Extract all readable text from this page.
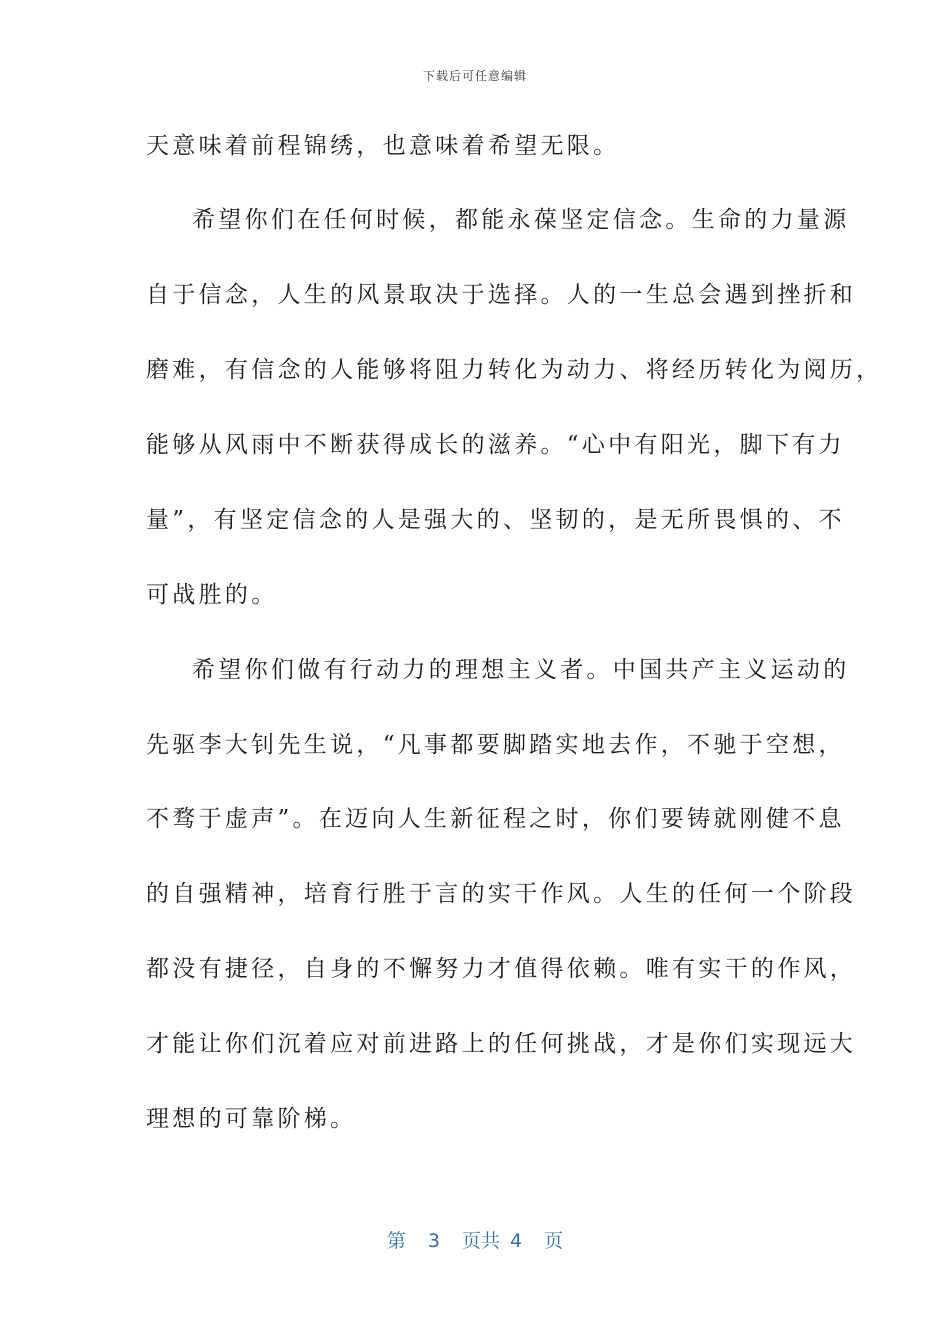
下载后可任意编辑
天意味着前程锦绣，也意味着希望无限。
希望你们在任何时候，都能永葆坚定信念。生命的力量源
自于信念，人生的风景取决于选择。人的一生总会遇到挫折和
磨难，有信念的人能够将阻力转化为动力、将经历转化为阅历，
能够从风雨中不断获得成长的滋养。“心中有阳光，脚下有力
量”，有坚定信念的人是强大的、坚韧的，是无所畏惧的、不
可战胜的。
希望你们做有行动力的理想主义者。中国共产主义运动的
先驱李大钊先生说，“凡事都要脚踏实地去作，不驰于空想，
不骛于虚声”。在迈向人生新征程之时，你们要铸就刚健不息
的自强精神，培育行胜于言的实干作风。人生的任何一个阶段
都没有捷径，自身的不懈努力才值得依赖。唯有实干的作风，
才能让你们沉着应对前进路上的任何挑战，才是你们实现远大
理想的可靠阶梯。
第 3 页共 4 页
